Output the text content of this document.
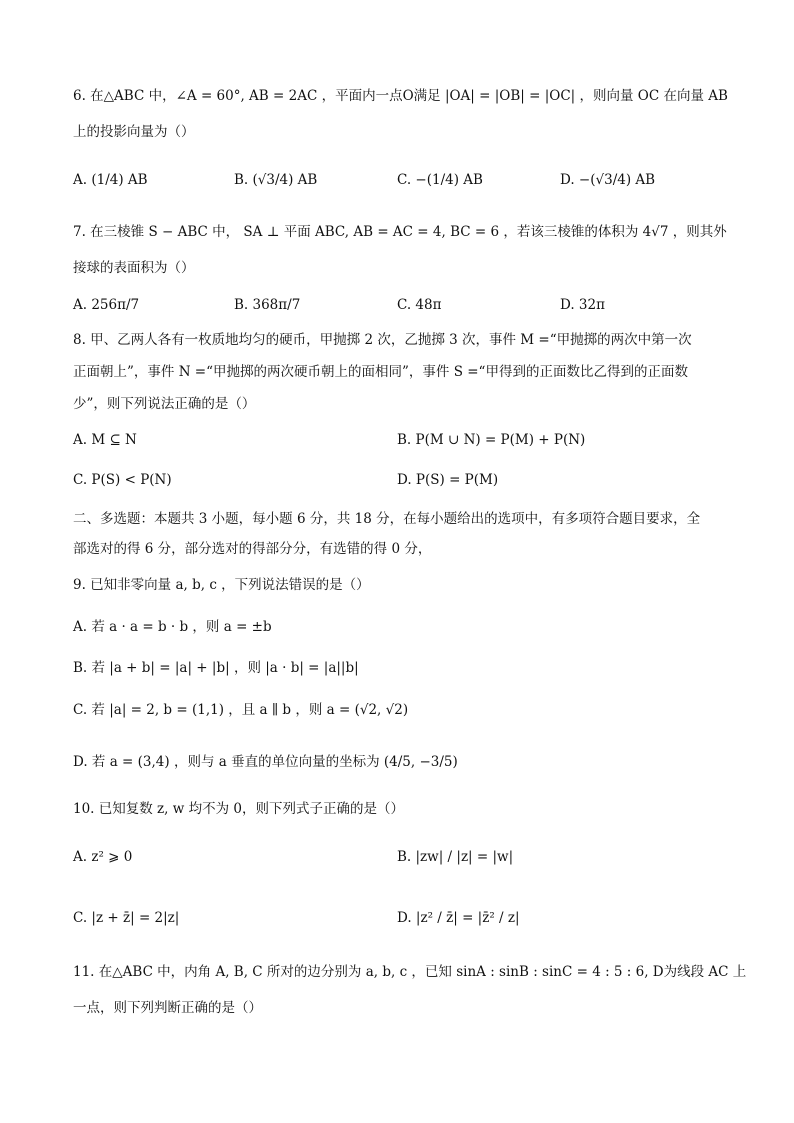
6. 在△ABC 中，∠A = 60°, AB = 2AC ，平面内一点O满足 |OA| = |OB| = |OC| ，则向量 OC 在向量 AB
上的投影向量为（）
A. (1/4) AB	B. (√3/4) AB	C. −(1/4) AB	D. −(√3/4) AB
7. 在三棱锥 S − ABC 中， SA ⊥ 平面 ABC, AB = AC = 4, BC = 6 ，若该三棱锥的体积为 4√7 ，则其外
接球的表面积为（）
A. 256π/7	B. 368π/7	C. 48π	D. 32π
8. 甲、乙两人各有一枚质地均匀的硬币，甲抛掷 2 次，乙抛掷 3 次，事件 M =“甲抛掷的两次中第一次
正面朝上”，事件 N =“甲抛掷的两次硬币朝上的面相同”，事件 S =“甲得到的正面数比乙得到的正面数
少”，则下列说法正确的是（）
A. M ⊆ N	B. P(M ∪ N) = P(M) + P(N)
C. P(S) < P(N)	D. P(S) = P(M)
二、多选题：本题共 3 小题，每小题 6 分，共 18 分，在每小题给出的选项中，有多项符合题目要求，全
部选对的得 6 分，部分选对的得部分分，有选错的得 0 分，
9. 已知非零向量 a, b, c ，下列说法错误的是（）
A. 若 a · a = b · b ，则 a = ±b
B. 若 |a + b| = |a| + |b| ，则 |a · b| = |a||b|
C. 若 |a| = 2, b = (1,1) ，且 a ∥ b ，则 a = (√2, √2)
D. 若 a = (3,4) ，则与 a 垂直的单位向量的坐标为 (4/5, −3/5)
10. 已知复数 z, w 均不为 0，则下列式子正确的是（）
A. z² ⩾ 0	B. |zw| / |z| = |w|
C. |z + z̄| = 2|z|	D. |z² / z̄| = |z̄² / z|
11. 在△ABC 中，内角 A, B, C 所对的边分别为 a, b, c ，已知 sinA : sinB : sinC = 4 : 5 : 6, D为线段 AC 上
一点，则下列判断正确的是（）
